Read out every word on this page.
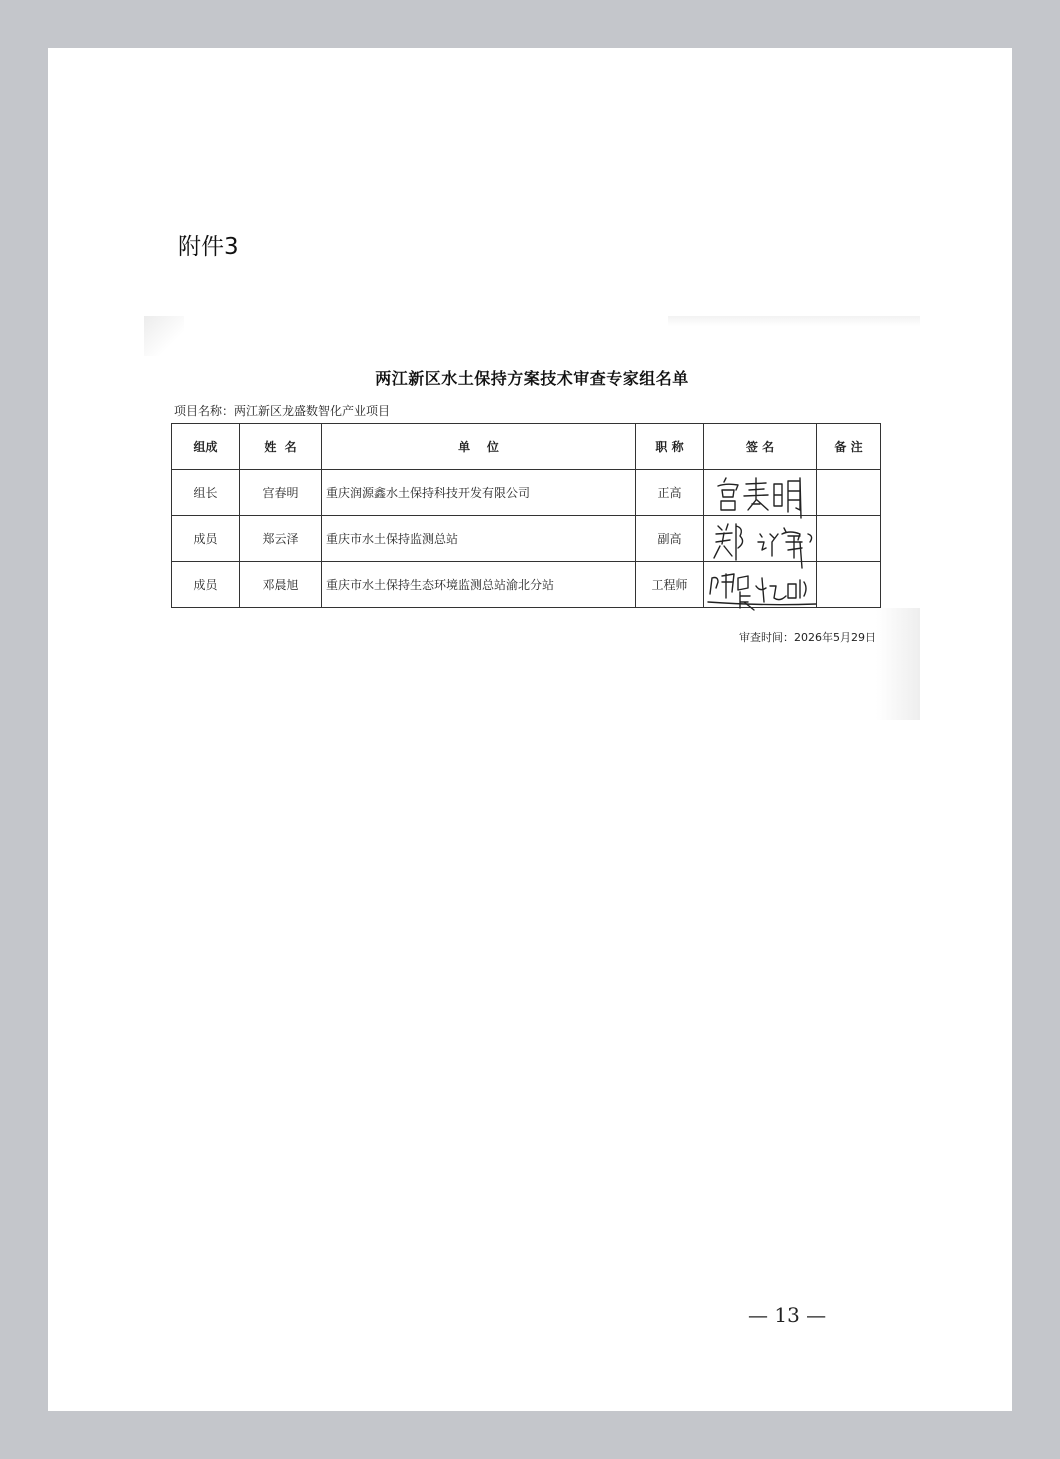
附件3
两江新区水土保持方案技术审查专家组名单
项目名称：两江新区龙盛数智化产业项目
组成	姓  名	单    位	职 称	签 名	备 注
组长	宫春明	重庆润源鑫水土保持科技开发有限公司	正高	

成员	郑云泽	重庆市水土保持监测总站	副高	

成员	邓晨旭	重庆市水土保持生态环境监测总站渝北分站	工程师	

审查时间：2026年5月29日
— 13 —
